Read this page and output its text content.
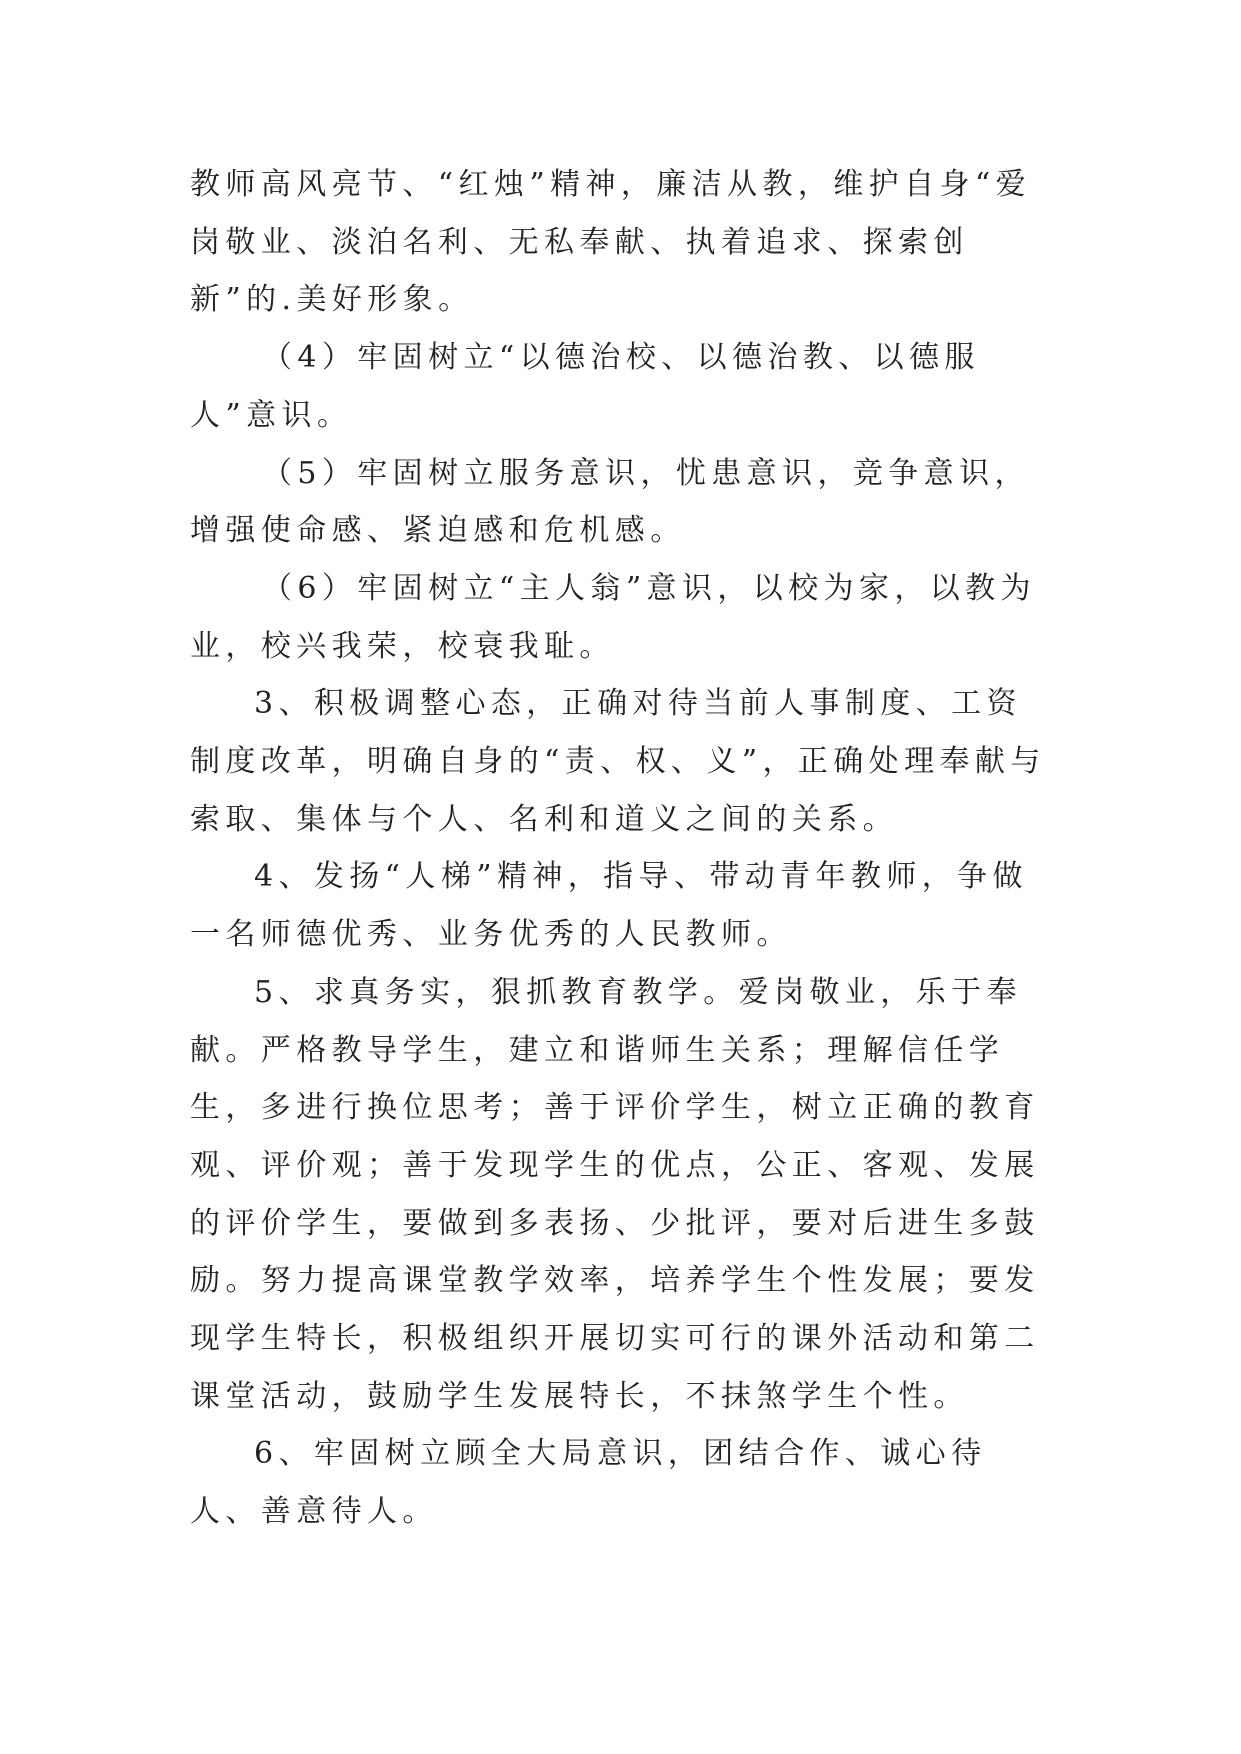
教师高风亮节、“红烛”精神，廉洁从教，维护自身“爱岗敬业、淡泊名利、无私奉献、执着追求、探索创新”的.美好形象。

（4）牢固树立“以德治校、以德治教、以德服人”意识。

（5）牢固树立服务意识，忧患意识，竞争意识，增强使命感、紧迫感和危机感。

（6）牢固树立“主人翁”意识，以校为家，以教为业，校兴我荣，校衰我耻。

3、积极调整心态，正确对待当前人事制度、工资制度改革，明确自身的“责、权、义”，正确处理奉献与索取、集体与个人、名利和道义之间的关系。

4、发扬“人梯”精神，指导、带动青年教师，争做一名师德优秀、业务优秀的人民教师。

5、求真务实，狠抓教育教学。爱岗敬业，乐于奉献。严格教导学生，建立和谐师生关系；理解信任学生，多进行换位思考；善于评价学生，树立正确的教育观、评价观；善于发现学生的优点，公正、客观、发展的评价学生，要做到多表扬、少批评，要对后进生多鼓励。努力提高课堂教学效率，培养学生个性发展；要发现学生特长，积极组织开展切实可行的课外活动和第二课堂活动，鼓励学生发展特长，不抹煞学生个性。

6、牢固树立顾全大局意识，团结合作、诚心待人、善意待人。
